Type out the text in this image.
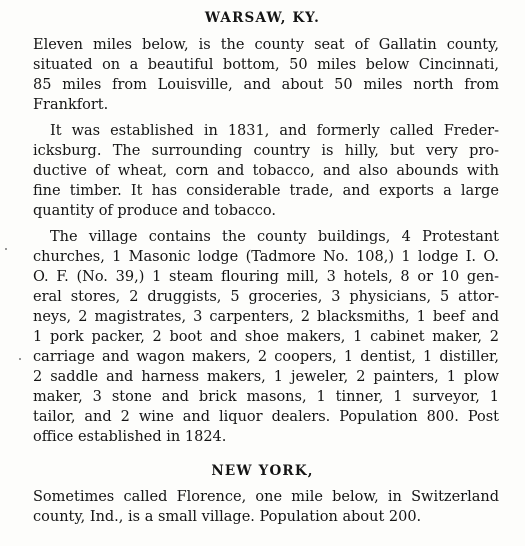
WARSAW, KY.

Eleven miles below, is the county seat of Gallatin county,

situated on a beautiful bottom, 50 miles below Cincinnati,

85 miles from Louisville, and about 50 miles north from

Frankfort.

It was established in 1831, and formerly called Freder-

icksburg. The surrounding country is hilly, but very pro-

ductive of wheat, corn and tobacco, and also abounds with

fine timber. It has considerable trade, and exports a large

quantity of produce and tobacco.

The village contains the county buildings, 4 Protestant

churches, 1 Masonic lodge (Tadmore No. 108,) 1 lodge I. O.

O. F. (No. 39,) 1 steam flouring mill, 3 hotels, 8 or 10 gen-

eral stores, 2 druggists, 5 groceries, 3 physicians, 5 attor-

neys, 2 magistrates, 3 carpenters, 2 blacksmiths, 1 beef and

1 pork packer, 2 boot and shoe makers, 1 cabinet maker, 2

carriage and wagon makers, 2 coopers, 1 dentist, 1 distiller,

2 saddle and harness makers, 1 jeweler, 2 painters, 1 plow

maker, 3 stone and brick masons, 1 tinner, 1 surveyor, 1

tailor, and 2 wine and liquor dealers. Population 800. Post

office established in 1824.

NEW YORK,

Sometimes called Florence, one mile below, in Switzerland

county, Ind., is a small village. Population about 200.
